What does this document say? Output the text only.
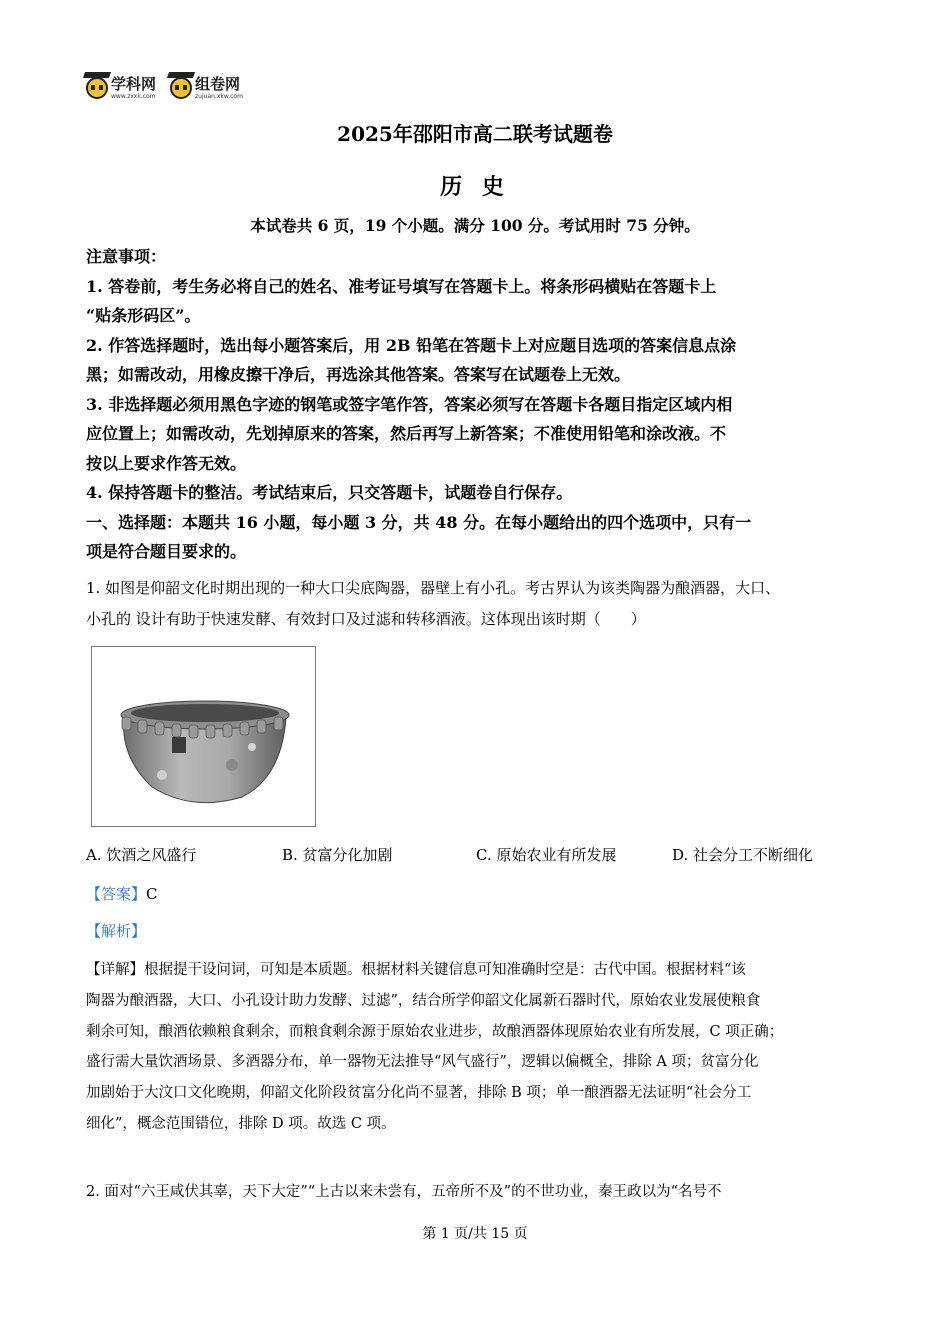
学科网
www.zxxk.com
组卷网
zujuan.xkw.com
2025年邵阳市高二联考试题卷
历 史
本试卷共 6 页，19 个小题。满分 100 分。考试用时 75 分钟。

注意事项：

1. 答卷前，考生务必将自己的姓名、准考证号填写在答题卡上。将条形码横贴在答题卡上

“贴条形码区”。

2. 作答选择题时，选出每小题答案后，用 2B 铅笔在答题卡上对应题目选项的答案信息点涂

黑；如需改动，用橡皮擦干净后，再选涂其他答案。答案写在试题卷上无效。

3. 非选择题必须用黑色字迹的钢笔或签字笔作答，答案必须写在答题卡各题目指定区域内相

应位置上；如需改动，先划掉原来的答案，然后再写上新答案；不准使用铅笔和涂改液。不

按以上要求作答无效。

4. 保持答题卡的整洁。考试结束后，只交答题卡，试题卷自行保存。

一、选择题：本题共 16 小题，每小题 3 分，共 48 分。在每小题给出的四个选项中，只有一

项是符合题目要求的。

1. 如图是仰韶文化时期出现的一种大口尖底陶器，器壁上有小孔。考古界认为该类陶器为酿酒器，大口、

小孔的 设计有助于快速发酵、有效封口及过滤和转移酒液。这体现出该时期（　　）

A. 饮酒之风盛行	B. 贫富分化加剧	C. 原始农业有所发展	D. 社会分工不断细化
【答案】C
【解析】

【详解】根据提干设问词，可知是本质题。根据材料关键信息可知准确时空是：古代中国。根据材料“该

陶器为酿酒器，大口、小孔设计助力发酵、过滤”，结合所学仰韶文化属新石器时代，原始农业发展使粮食

剩余可知，酿酒依赖粮食剩余，而粮食剩余源于原始农业进步，故酿酒器体现原始农业有所发展，C 项正确；

盛行需大量饮酒场景、多酒器分布，单一器物无法推导“风气盛行”，逻辑以偏概全，排除 A 项；贫富分化

加剧始于大汶口文化晚期，仰韶文化阶段贫富分化尚不显著，排除 B 项；单一酿酒器无法证明“社会分工

细化”，概念范围错位，排除 D 项。故选 C 项。

2. 面对“六王咸伏其辜，天下大定”“上古以来未尝有，五帝所不及”的不世功业，秦王政以为“名号不
第 1 页/共 15 页
